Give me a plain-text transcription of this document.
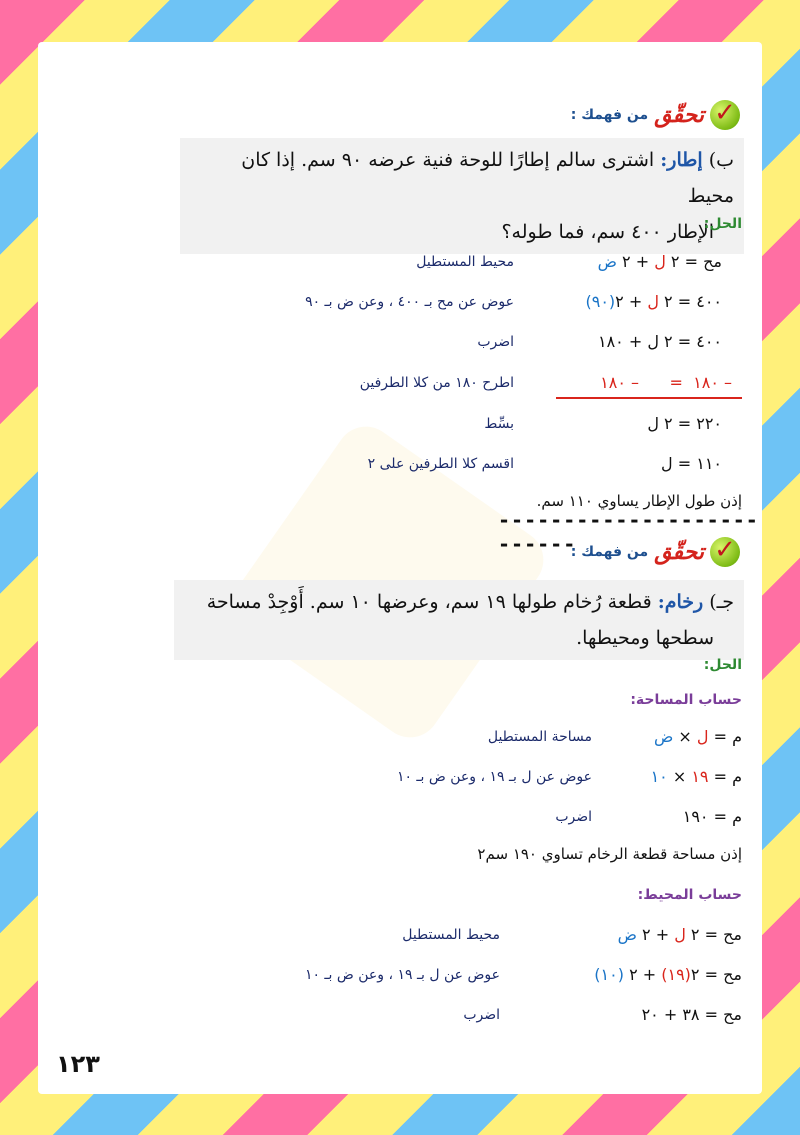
✓
تحقّق
من فهمك :
ب) إطار: اشترى سالم إطارًا للوحة فنية عرضه ٩٠ سم. إذا كان محيط
الإطار ٤٠٠ سم، فما طوله؟
الحل:
مح = ٢ ل + ٢ ض
محيط المستطيل
٤٠٠ = ٢ ل + ٢(٩٠)
عوض عن مح بـ ٤٠٠ ، وعن ض بـ ٩٠
٤٠٠ = ٢ ل + ١٨٠
اضرب
– ١٨٠  =      – ١٨٠
اطرح ١٨٠ من كلا الطرفين
٢٢٠ = ٢ ل
بسِّط
١١٠ = ل
اقسم كلا الطرفين على ٢
إذن طول الإطار يساوي ١١٠ سم.
--------------------------	✓
تحقّق
من فهمك :
جـ) رخام: قطعة رُخام طولها ١٩ سم، وعرضها ١٠ سم. أَوْجِدْ مساحة
سطحها ومحيطها.
الحل:
حساب المساحة:
م = ل × ض
مساحة المستطيل
م = ١٩ × ١٠
عوض عن ل بـ ١٩ ، وعن ض بـ ١٠
م = ١٩٠
اضرب
إذن مساحة قطعة الرخام تساوي ١٩٠ سم٢
حساب المحيط:
مح = ٢ ل + ٢ ض
محيط المستطيل
مح = ٢(١٩) + ٢ (١٠)
عوض عن ل بـ ١٩ ، وعن ض بـ ١٠
مح = ٣٨ + ٢٠
اضرب
١٢٣
